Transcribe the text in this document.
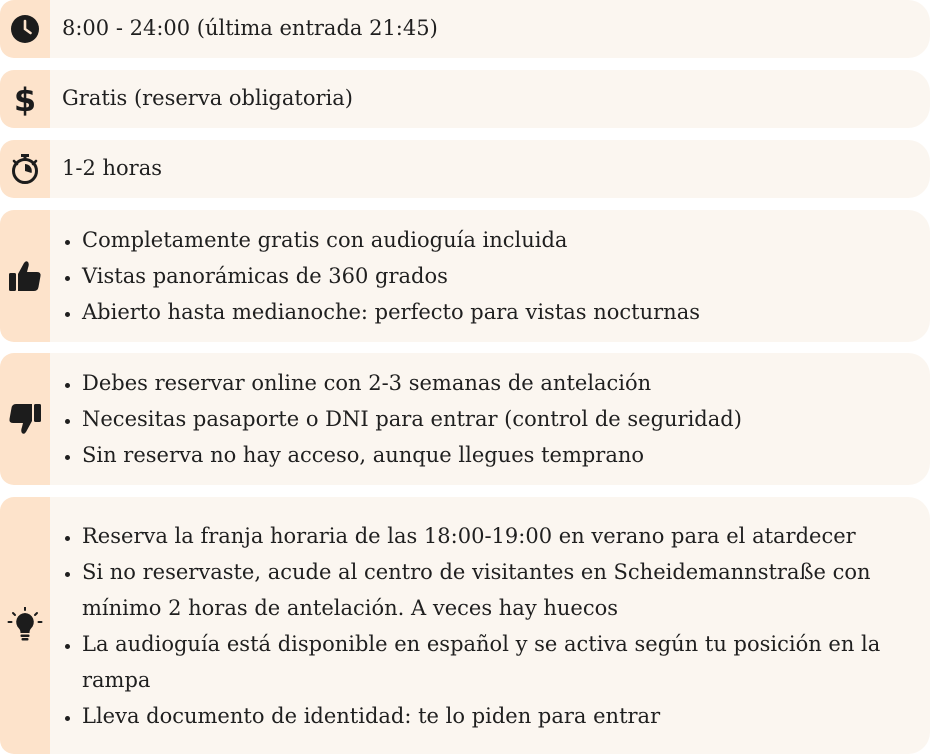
8:00 - 24:00 (última entrada 21:45)
$	Gratis (reserva obligatoria)
1-2 horas
• Completamente gratis con audioguía incluida
• Vistas panorámicas de 360 grados
• Abierto hasta medianoche: perfecto para vistas nocturnas
• Debes reservar online con 2-3 semanas de antelación
• Necesitas pasaporte o DNI para entrar (control de seguridad)
• Sin reserva no hay acceso, aunque llegues temprano
• Reserva la franja horaria de las 18:00-19:00 en verano para el atardecer
• Si no reservaste, acude al centro de visitantes en Scheidemannstraße con mínimo 2 horas de antelación. A veces hay huecos
• La audioguía está disponible en español y se activa según tu posición en la rampa
• Lleva documento de identidad: te lo piden para entrar
